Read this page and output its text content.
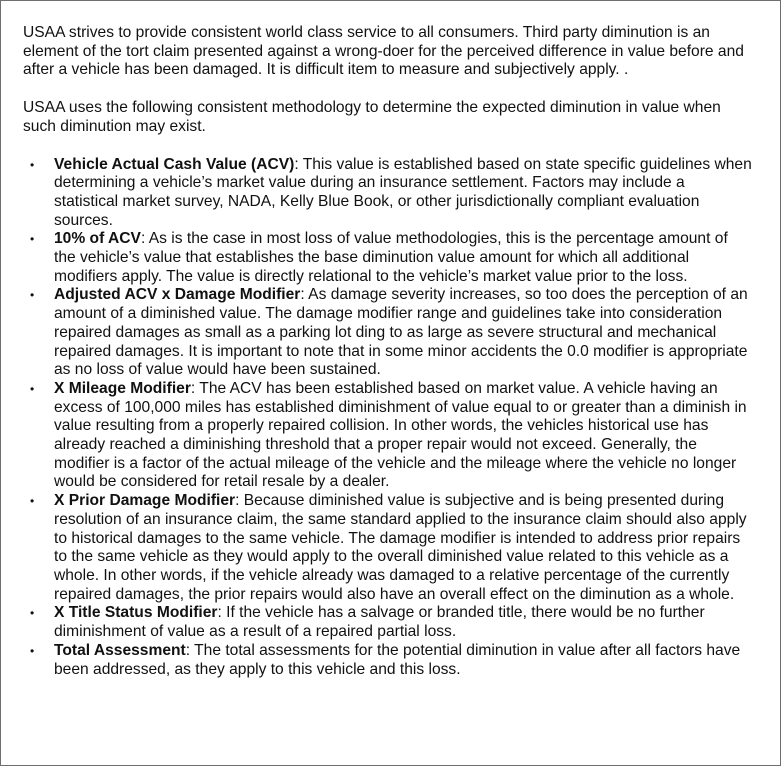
USAA strives to provide consistent world class service to all consumers. Third party diminution is an element of the tort claim presented against a wrong-doer for the perceived difference in value before and after a vehicle has been damaged. It is difficult item to measure and subjectively apply. .

USAA uses the following consistent methodology to determine the expected diminution in value when such diminution may exist.

• Vehicle Actual Cash Value (ACV): This value is established based on state specific guidelines when determining a vehicle’s market value during an insurance settlement. Factors may include a statistical market survey, NADA, Kelly Blue Book, or other jurisdictionally compliant evaluation sources.
• 10% of ACV: As is the case in most loss of value methodologies, this is the percentage amount of the vehicle’s value that establishes the base diminution value amount for which all additional modifiers apply. The value is directly relational to the vehicle’s market value prior to the loss.
• Adjusted ACV x Damage Modifier: As damage severity increases, so too does the perception of an amount of a diminished value. The damage modifier range and guidelines take into consideration repaired damages as small as a parking lot ding to as large as severe structural and mechanical repaired damages. It is important to note that in some minor accidents the 0.0 modifier is appropriate as no loss of value would have been sustained.
• X Mileage Modifier: The ACV has been established based on market value. A vehicle having an excess of 100,000 miles has established diminishment of value equal to or greater than a diminish in value resulting from a properly repaired collision. In other words, the vehicles historical use has already reached a diminishing threshold that a proper repair would not exceed. Generally, the modifier is a factor of the actual mileage of the vehicle and the mileage where the vehicle no longer would be considered for retail resale by a dealer.
• X Prior Damage Modifier: Because diminished value is subjective and is being presented during resolution of an insurance claim, the same standard applied to the insurance claim should also apply to historical damages to the same vehicle. The damage modifier is intended to address prior repairs to the same vehicle as they would apply to the overall diminished value related to this vehicle as a whole. In other words, if the vehicle already was damaged to a relative percentage of the currently repaired damages, the prior repairs would also have an overall effect on the diminution as a whole.
• X Title Status Modifier: If the vehicle has a salvage or branded title, there would be no further diminishment of value as a result of a repaired partial loss.
• Total Assessment: The total assessments for the potential diminution in value after all factors have been addressed, as they apply to this vehicle and this loss.
